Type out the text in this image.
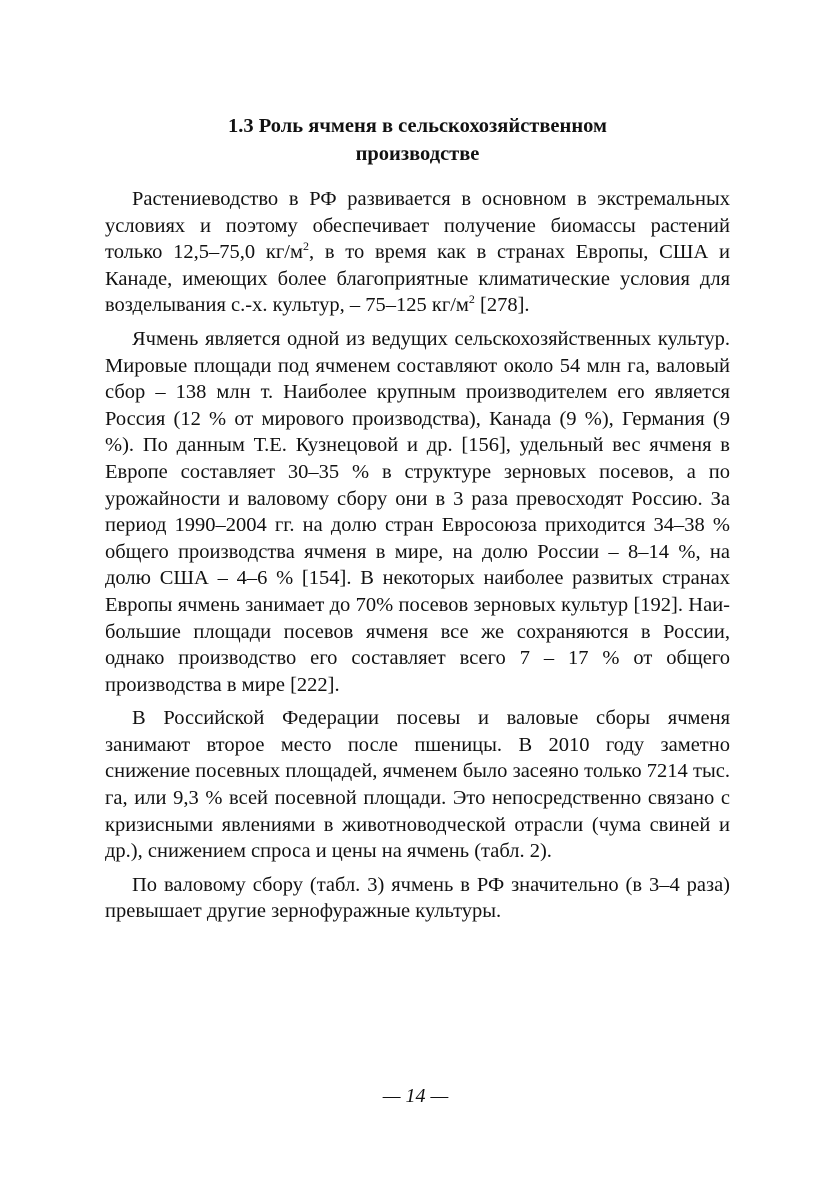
1.3 Роль ячменя в сельскохозяйственном
производстве

Растениеводство в РФ развивается в основном в экстремальных условиях и поэтому обеспечивает получение биомассы растений только 12,5–75,0 $кг/м^2$, в то время как в странах Европы, США и Канаде, имеющих более благоприятные климатические условия для возделывания с.-х. культур, – 75–125 $кг/м^2$ [278].

Ячмень является одной из ведущих сельскохозяйственных культур. Мировые площади под ячменем составляют около 54 млн га, валовый сбор – 138 млн т. Наиболее крупным производителем его является Россия (12 % от мирового производства), Канада (9 %), Германия (9 %). По данным Т.Е. Кузнецовой и др. [156], удельный вес ячменя в Европе составляет 30–35 % в структуре зерновых посевов, а по урожайности и валовому сбору они в 3 раза превосходят Россию. За период 1990–2004 гг. на долю стран Евросоюза приходится 34–38 % общего производства ячменя в мире, на долю России – 8–14 %, на долю США – 4–6 % [154]. В некоторых наиболее развитых странах Европы ячмень занимает до 70% посевов зерновых культур [192]. Наибольшие площади посевов ячменя все же сохраняются в России, однако производство его составляет всего 7 – 17 % от общего производства в мире [222].

В Российской Федерации посевы и валовые сборы ячменя занимают второе место после пшеницы. В 2010 году заметно снижение посевных площадей, ячменем было засеяно только 7214 тыс. га, или 9,3 % всей посевной площади. Это непосредственно связано с кризисными явлениями в животноводческой отрасли (чума свиней и др.), снижением спроса и цены на ячмень (табл. 2).

По валовому сбору (табл. 3) ячмень в РФ значительно (в 3–4 раза) превышает другие зернофуражные культуры.

— 14 —
